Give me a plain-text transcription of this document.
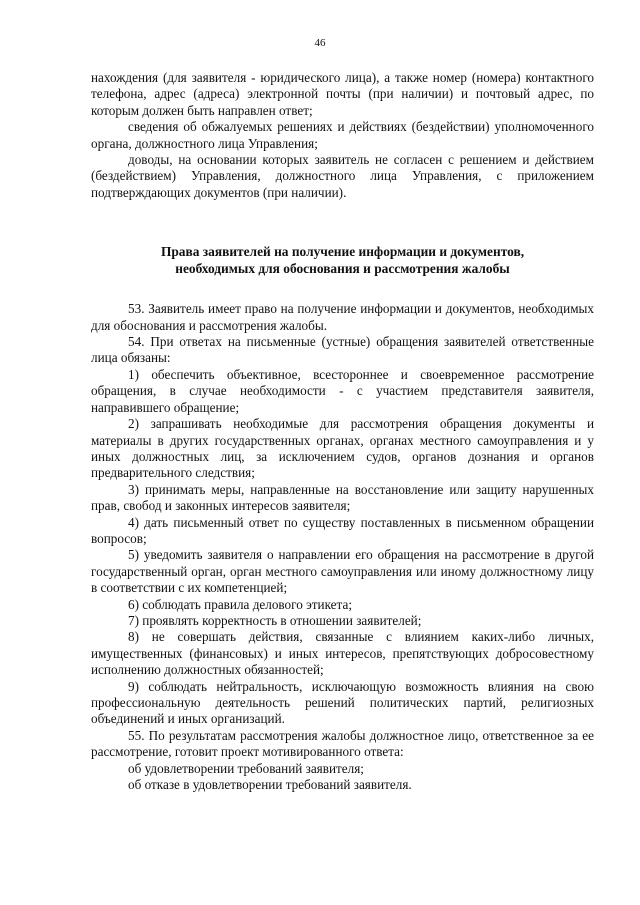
46

нахождения (для заявителя - юридического лица), а также номер (номера) контактного телефона, адрес (адреса) электронной почты (при наличии) и почтовый адрес, по которым должен быть направлен ответ;

сведения об обжалуемых решениях и действиях (бездействии) уполномоченного органа, должностного лица Управления;

доводы, на основании которых заявитель не согласен с решением и действием (бездействием) Управления, должностного лица Управления, с приложением подтверждающих документов (при наличии).

Права заявителей на получение информации и документов,
необходимых для обоснования и рассмотрения жалобы

53. Заявитель имеет право на получение информации и документов, необходимых для обоснования и рассмотрения жалобы.

54. При ответах на письменные (устные) обращения заявителей ответственные лица обязаны:

1) обеспечить объективное, всестороннее и своевременное рассмотрение обращения, в случае необходимости - с участием представителя заявителя, направившего обращение;

2) запрашивать необходимые для рассмотрения обращения документы и материалы в других государственных органах, органах местного самоуправления и у иных должностных лиц, за исключением судов, органов дознания и органов предварительного следствия;

3) принимать меры, направленные на восстановление или защиту нарушенных прав, свобод и законных интересов заявителя;

4) дать письменный ответ по существу поставленных в письменном обращении вопросов;

5) уведомить заявителя о направлении его обращения на рассмотрение в другой государственный орган, орган местного самоуправления или иному должностному лицу в соответствии с их компетенцией;

6) соблюдать правила делового этикета;

7) проявлять корректность в отношении заявителей;

8) не совершать действия, связанные с влиянием каких-либо личных, имущественных (финансовых) и иных интересов, препятствующих добросовестному исполнению должностных обязанностей;

9) соблюдать нейтральность, исключающую возможность влияния на свою профессиональную деятельность решений политических партий, религиозных объединений и иных организаций.

55. По результатам рассмотрения жалобы должностное лицо, ответственное за ее рассмотрение, готовит проект мотивированного ответа:

об удовлетворении требований заявителя;

об отказе в удовлетворении требований заявителя.
